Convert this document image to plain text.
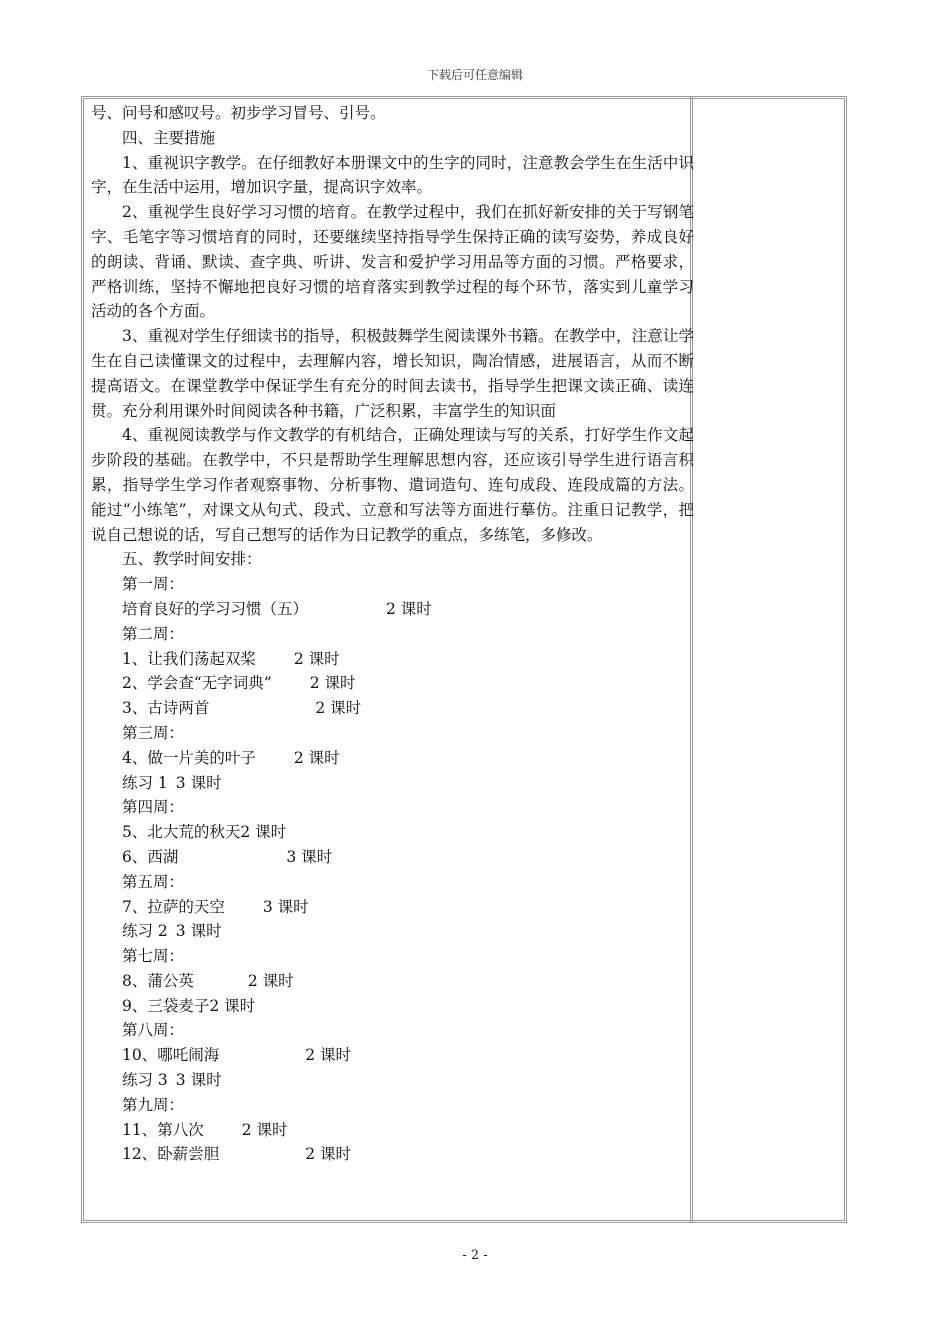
下载后可任意编辑

号、问号和感叹号。初步学习冒号、引号。

四、主要措施

1、重视识字教学。在仔细教好本册课文中的生字的同时，注意教会学生在生活中识字，在生活中运用，增加识字量，提高识字效率。

2、重视学生良好学习习惯的培育。在教学过程中，我们在抓好新安排的关于写钢笔字、毛笔字等习惯培育的同时，还要继续坚持指导学生保持正确的读写姿势，养成良好的朗读、背诵、默读、查字典、听讲、发言和爱护学习用品等方面的习惯。严格要求，严格训练，坚持不懈地把良好习惯的培育落实到教学过程的每个环节，落实到儿童学习活动的各个方面。

3、重视对学生仔细读书的指导，积极鼓舞学生阅读课外书籍。在教学中，注意让学生在自己读懂课文的过程中，去理解内容，增长知识，陶冶情感，进展语言，从而不断提高语文。在课堂教学中保证学生有充分的时间去读书，指导学生把课文读正确、读连贯。充分利用课外时间阅读各种书籍，广泛积累，丰富学生的知识面

4、重视阅读教学与作文教学的有机结合，正确处理读与写的关系，打好学生作文起步阶段的基础。在教学中，不只是帮助学生理解思想内容，还应该引导学生进行语言积累，指导学生学习作者观察事物、分析事物、遣词造句、连句成段、连段成篇的方法。能过“小练笔”，对课文从句式、段式、立意和写法等方面进行摹仿。注重日记教学，把说自己想说的话，写自己想写的话作为日记教学的重点，多练笔，多修改。

五、教学时间安排：
第一周：
培育良好的学习习惯（五）	2 课时
第二周：
1、让我们荡起双桨 2 课时
2、学会查“无字词典” 2 课时
3、古诗两首	2 课时
第三周：
4、做一片美的叶子 2 课时
练习 1 3 课时
第四周：
5、北大荒的秋天 2 课时
6、西湖	3 课时
第五周：
7、拉萨的天空 3 课时
练习 2 3 课时
第七周：
8、蒲公英	2 课时
9、三袋麦子 2 课时
第八周：
10、哪吒闹海	2 课时
练习 3 3 课时
第九周：
11、第八次 2 课时
12、卧薪尝胆	2 课时
- 2 -
